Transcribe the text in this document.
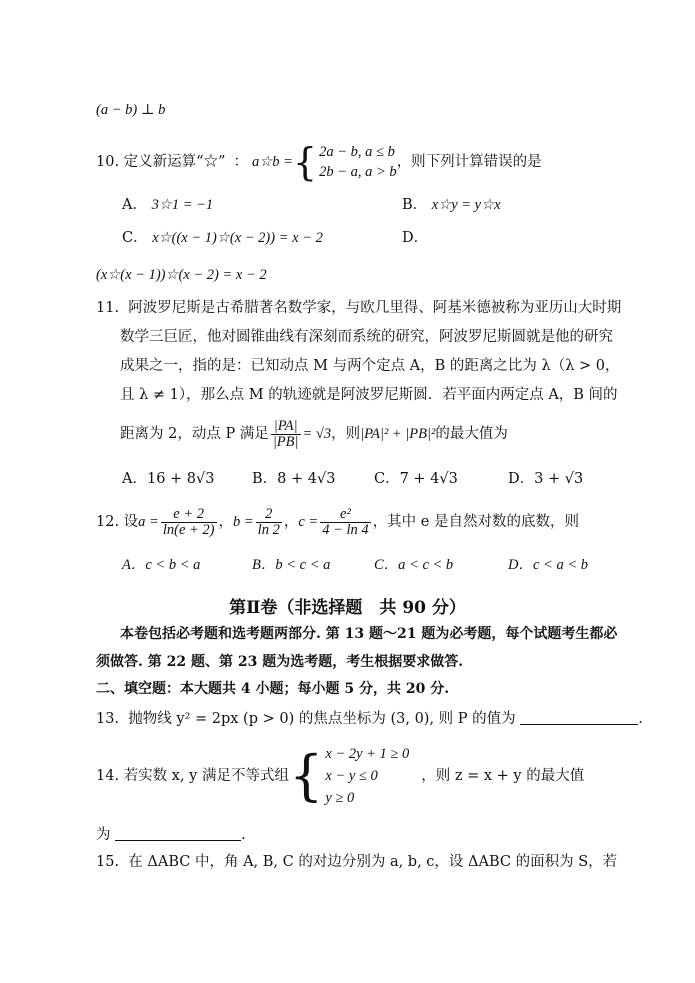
(a − b) ⊥ b
10.
定义新运算“☆” ： a☆b = { 2a − b, a ≤ b
2b − a, a > b
，则下列计算错误的是
A． 3☆1 = −1	B． x☆y = y☆x
C． x☆((x − 1)☆(x − 2)) = x − 2	D．
(x☆(x − 1))☆(x − 2) = x − 2
11. 阿波罗尼斯是古希腊著名数学家，与欧几里得、阿基米德被称为亚历山大时期
数学三巨匠，他对圆锥曲线有深刻而系统的研究，阿波罗尼斯圆就是他的研究
成果之一，指的是：已知动点 M 与两个定点 A，B 的距离之比为 λ（λ > 0，
且 λ ≠ 1），那么点 M 的轨迹就是阿波罗尼斯圆．若平面内两定点 A，B 间的
距离为 2，动点 P 满足 $\frac{|PA|}{|PB|} = √3$ ，则 |PA|² + |PB|² 的最大值为
A．16 + 8√3	B．8 + 4√3	C．7 + 4√3	D．3 + √3
12.
设 $a = \frac{e + 2}{\ln(e + 2)}$ ， $b = \frac{2}{\ln 2}$ ， $c = \frac{\text{e²}}{4 - \ln 4}$ ，其中 e 是自然对数的底数，则
A．c < b < a	B．b < c < a	C．a < c < b	D．c < a < b
第Ⅱ卷（非选择题　共 90 分）
本卷包括必考题和选考题两部分. 第 13 题～21 题为必考题，每个试题考生都必
须做答. 第 22 题、第 23 题为选考题，考生根据要求做答.
二、填空题：本大题共 4 小题；每小题 5 分，共 20 分.
13. 抛物线 y² = 2px (p > 0) 的焦点坐标为 (3, 0), 则 P 的值为	.
14.
若实数 x, y 满足不等式组 { x − 2y + 1 ≥ 0
x − y ≤ 0
y ≥ 0
，则 z = x + y 的最大值
为	.
15. 在 ΔABC 中，角 A, B, C 的对边分别为 a, b, c，设 ΔABC 的面积为 S，若
